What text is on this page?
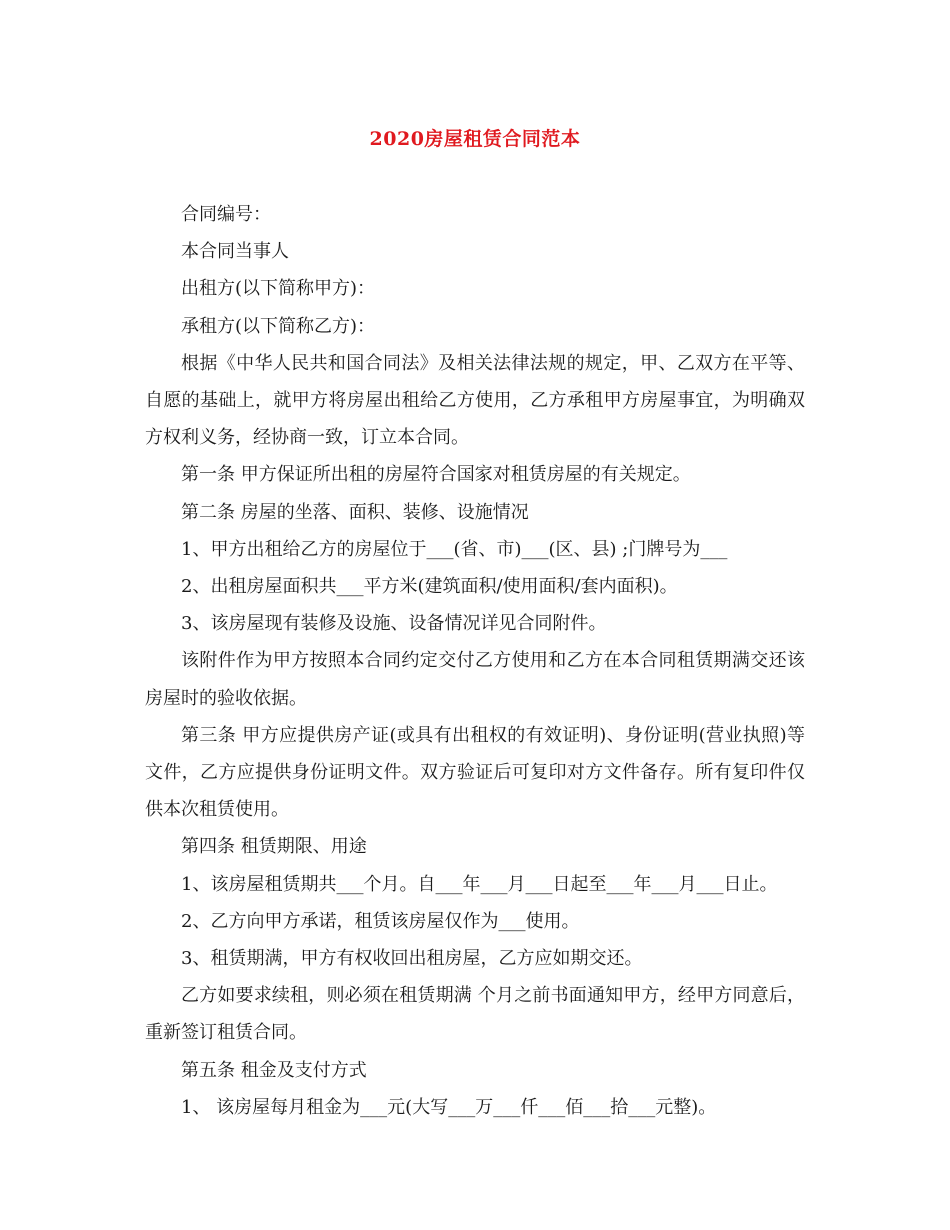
2020房屋租赁合同范本

合同编号：

本合同当事人

出租方(以下简称甲方)：

承租方(以下简称乙方)：

根据《中华人民共和国合同法》及相关法律法规的规定，甲、乙双方在平等、自愿的基础上，就甲方将房屋出租给乙方使用，乙方承租甲方房屋事宜，为明确双方权利义务，经协商一致，订立本合同。

第一条 甲方保证所出租的房屋符合国家对租赁房屋的有关规定。

第二条 房屋的坐落、面积、装修、设施情况

1、甲方出租给乙方的房屋位于___(省、市)___(区、县) ;门牌号为___

2、出租房屋面积共___平方米(建筑面积/使用面积/套内面积)。

3、该房屋现有装修及设施、设备情况详见合同附件。

该附件作为甲方按照本合同约定交付乙方使用和乙方在本合同租赁期满交还该房屋时的验收依据。

第三条 甲方应提供房产证(或具有出租权的有效证明)、身份证明(营业执照)等文件，乙方应提供身份证明文件。双方验证后可复印对方文件备存。所有复印件仅供本次租赁使用。

第四条 租赁期限、用途

1、该房屋租赁期共___个月。自___年___月___日起至___年___月___日止。

2、乙方向甲方承诺，租赁该房屋仅作为___使用。

3、租赁期满，甲方有权收回出租房屋，乙方应如期交还。

乙方如要求续租，则必须在租赁期满 个月之前书面通知甲方，经甲方同意后，重新签订租赁合同。

第五条 租金及支付方式

1、 该房屋每月租金为___元(大写___万___仟___佰___拾___元整)。
